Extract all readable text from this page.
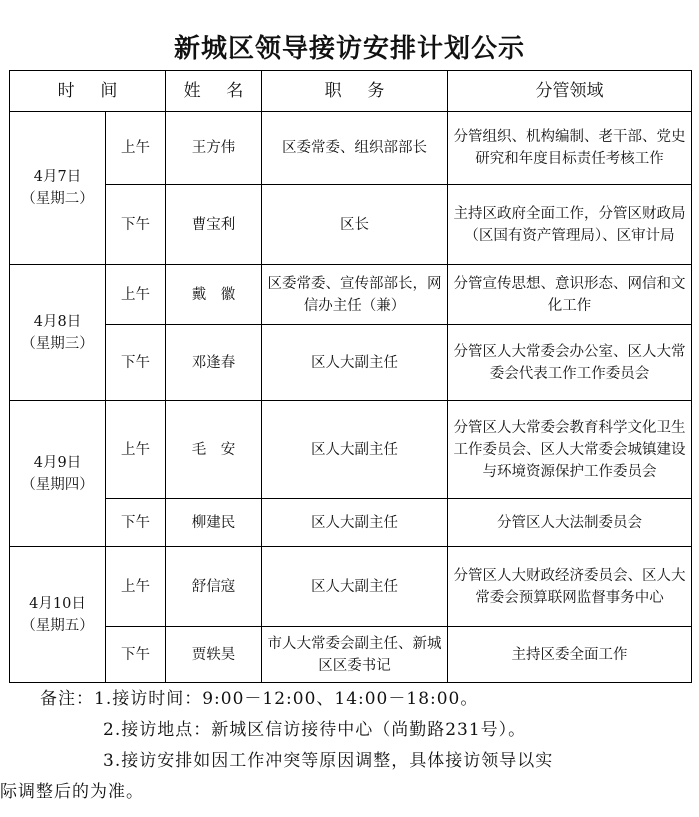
新城区领导接访安排计划公示
时 间		姓 名	职 务	分管领域

4月7日
（星期二）	上午	王方伟	区委常委、组织部部长	分管组织、机构编制、老干部、党史研究和年度目标责任考核工作
	下午	曹宝利	区长	主持区政府全面工作，分管区财政局（区国有资产管理局）、区审计局

4月8日
（星期三）	上午	戴　徽	区委常委、宣传部部长，网信办主任（兼）	分管宣传思想、意识形态、网信和文化工作
	下午	邓逢春	区人大副主任	分管区人大常委会办公室、区人大常委会代表工作工作委员会

4月9日
（星期四）	上午	毛　安	区人大副主任	分管区人大常委会教育科学文化卫生工作委员会、区人大常委会城镇建设与环境资源保护工作委员会
	下午	柳建民	区人大副主任	分管区人大法制委员会

4月10日
（星期五）	上午	舒信寇	区人大副主任	分管区人大财政经济委员会、区人大常委会预算联网监督事务中心
	下午	贾轶昊	市人大常委会副主任、新城区区委书记	主持区委全面工作
备注：1.接访时间：9:00－12:00、14:00－18:00。
2.接访地点：新城区信访接待中心（尚勤路231号）。
3.接访安排如因工作冲突等原因调整，具体接访领导以实
际调整后的为准。
